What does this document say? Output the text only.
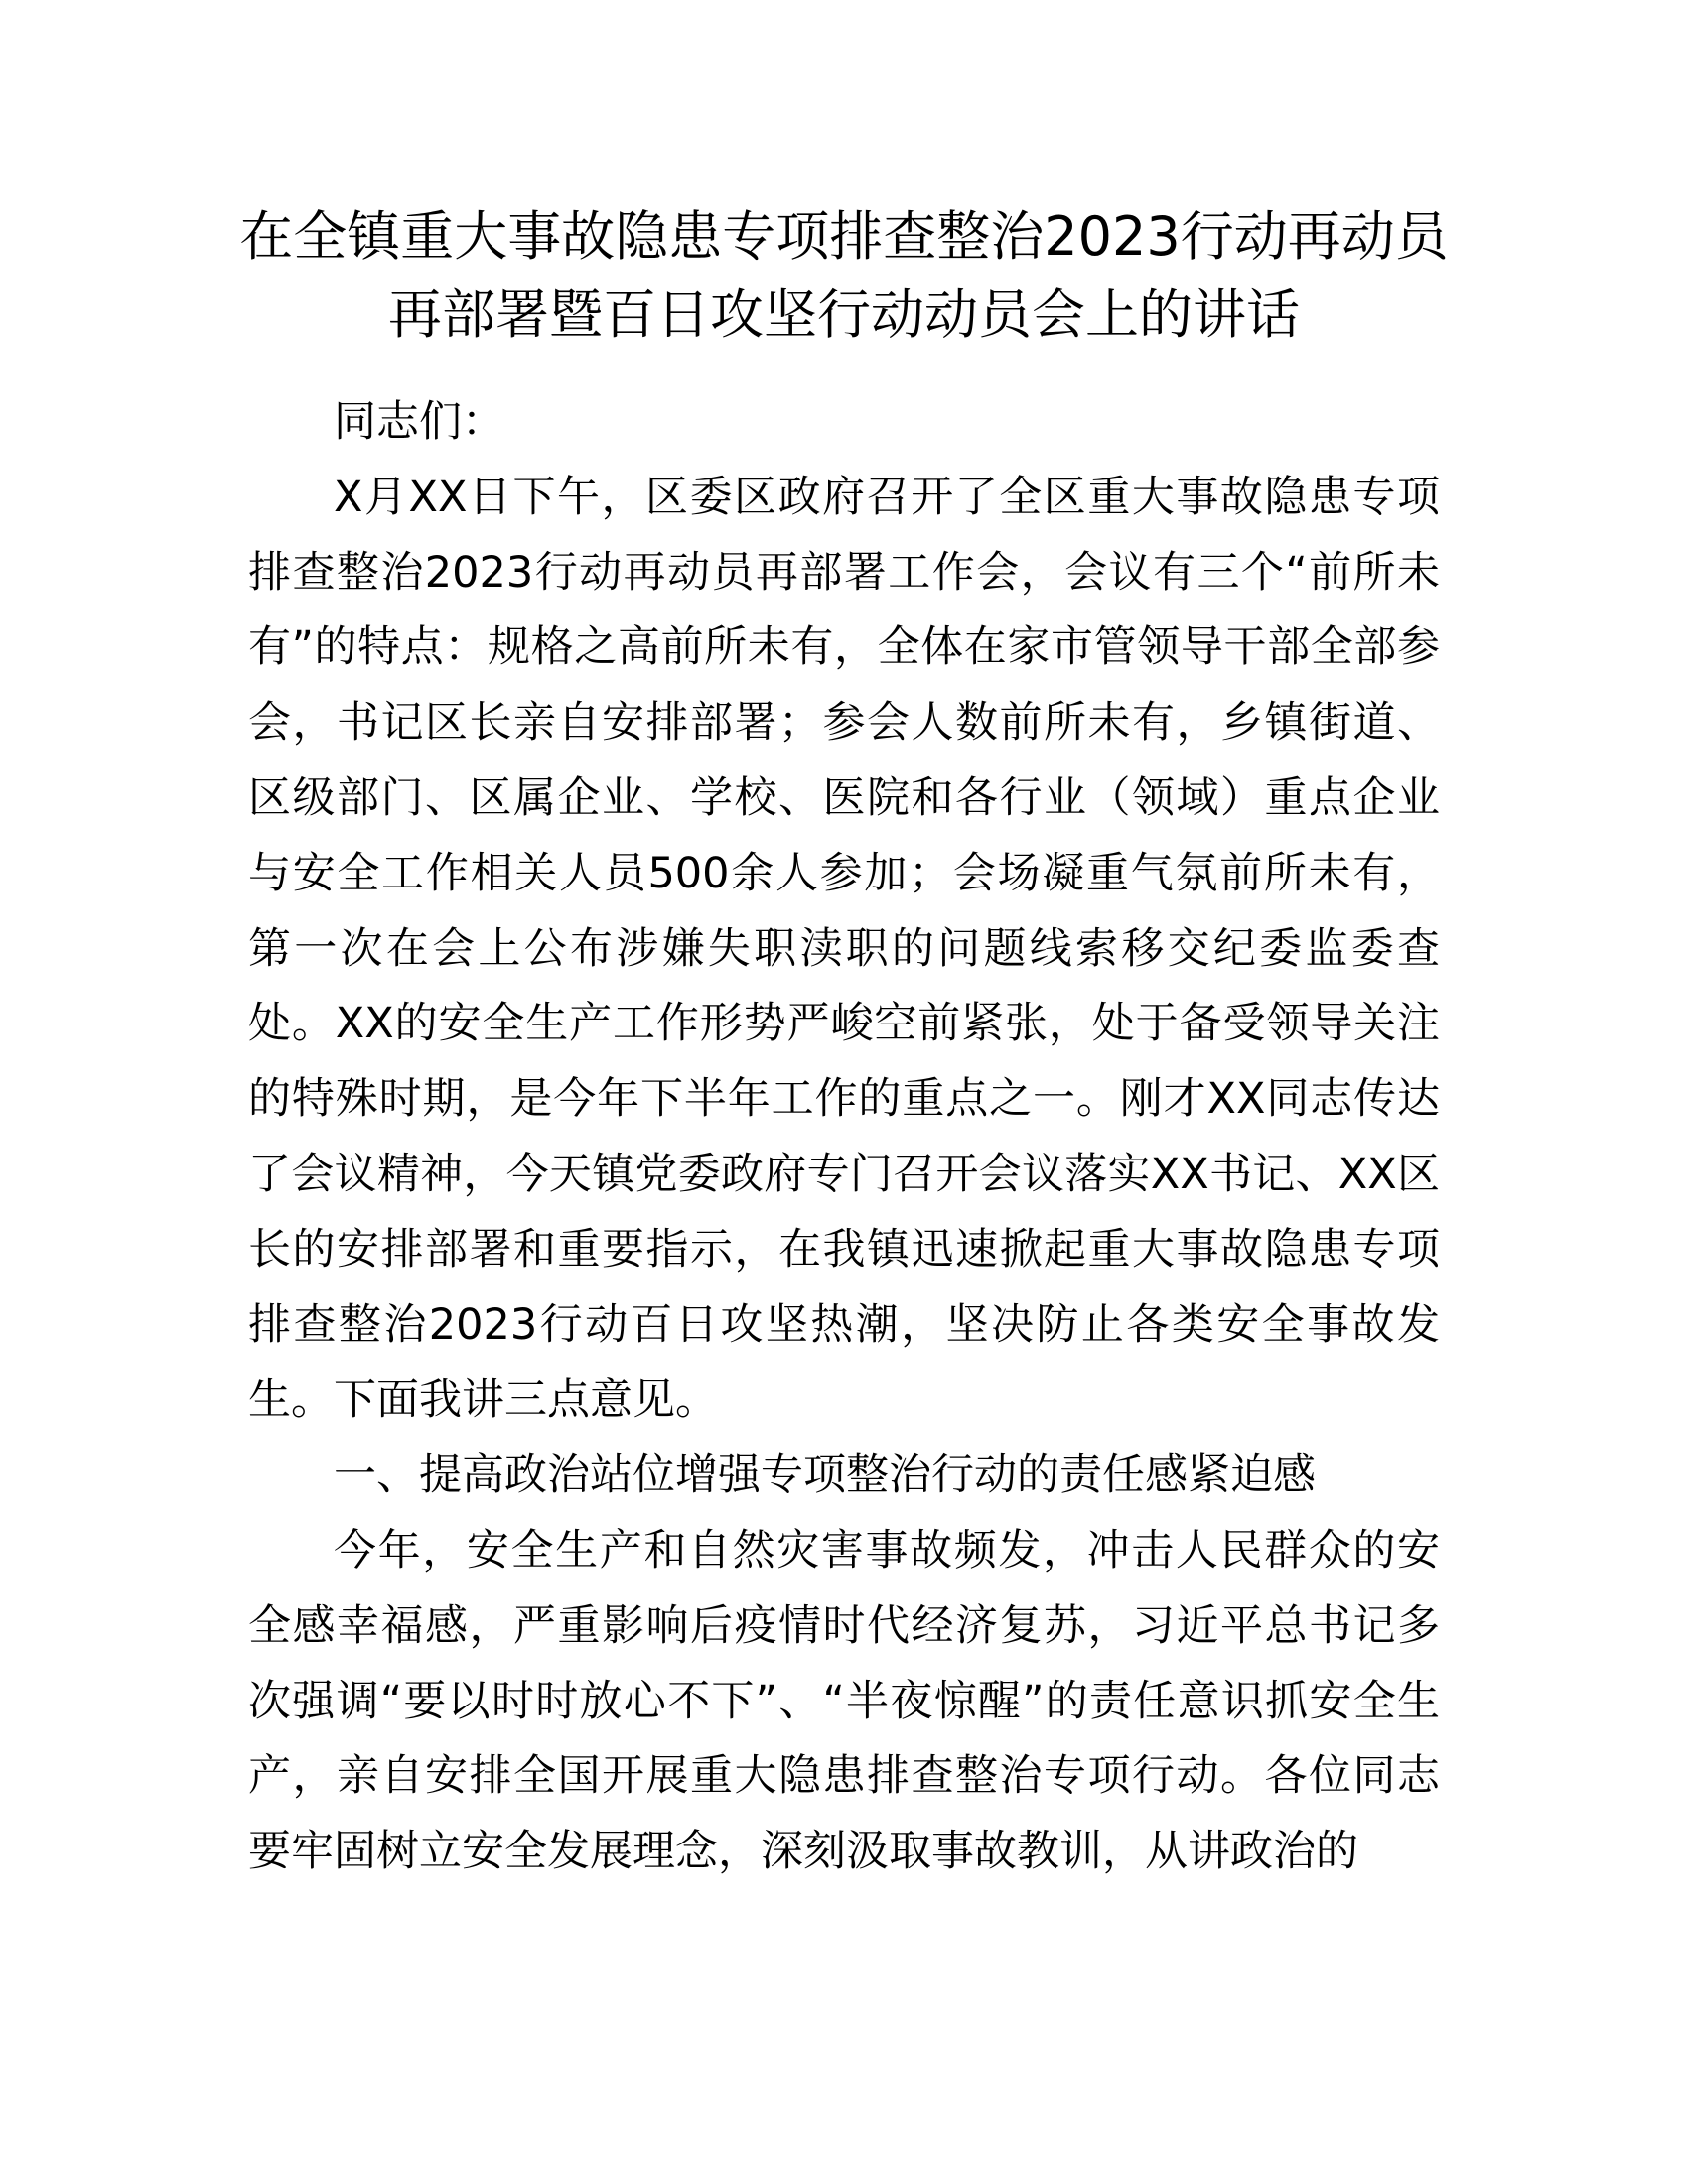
在全镇重大事故隐患专项排查整治2023行动再动员再部署暨百日攻坚行动动员会上的讲话

同志们：

X月XX日下午，区委区政府召开了全区重大事故隐患专项排查整治2023行动再动员再部署工作会，会议有三个“前所未有”的特点：规格之高前所未有，全体在家市管领导干部全部参会，书记区长亲自安排部署；参会人数前所未有，乡镇街道、区级部门、区属企业、学校、医院和各行业（领域）重点企业与安全工作相关人员500余人参加；会场凝重气氛前所未有，第一次在会上公布涉嫌失职渎职的问题线索移交纪委监委查处。XX的安全生产工作形势严峻空前紧张，处于备受领导关注的特殊时期，是今年下半年工作的重点之一。刚才XX同志传达了会议精神，今天镇党委政府专门召开会议落实XX书记、XX区长的安排部署和重要指示，在我镇迅速掀起重大事故隐患专项排查整治2023行动百日攻坚热潮，坚决防止各类安全事故发生。下面我讲三点意见。

一、提高政治站位增强专项整治行动的责任感紧迫感

今年，安全生产和自然灾害事故频发，冲击人民群众的安全感幸福感，严重影响后疫情时代经济复苏，习近平总书记多次强调“要以时时放心不下”、“半夜惊醒”的责任意识抓安全生产，亲自安排全国开展重大隐患排查整治专项行动。各位同志要牢固树立安全发展理念，深刻汲取事故教训，从讲政治的
